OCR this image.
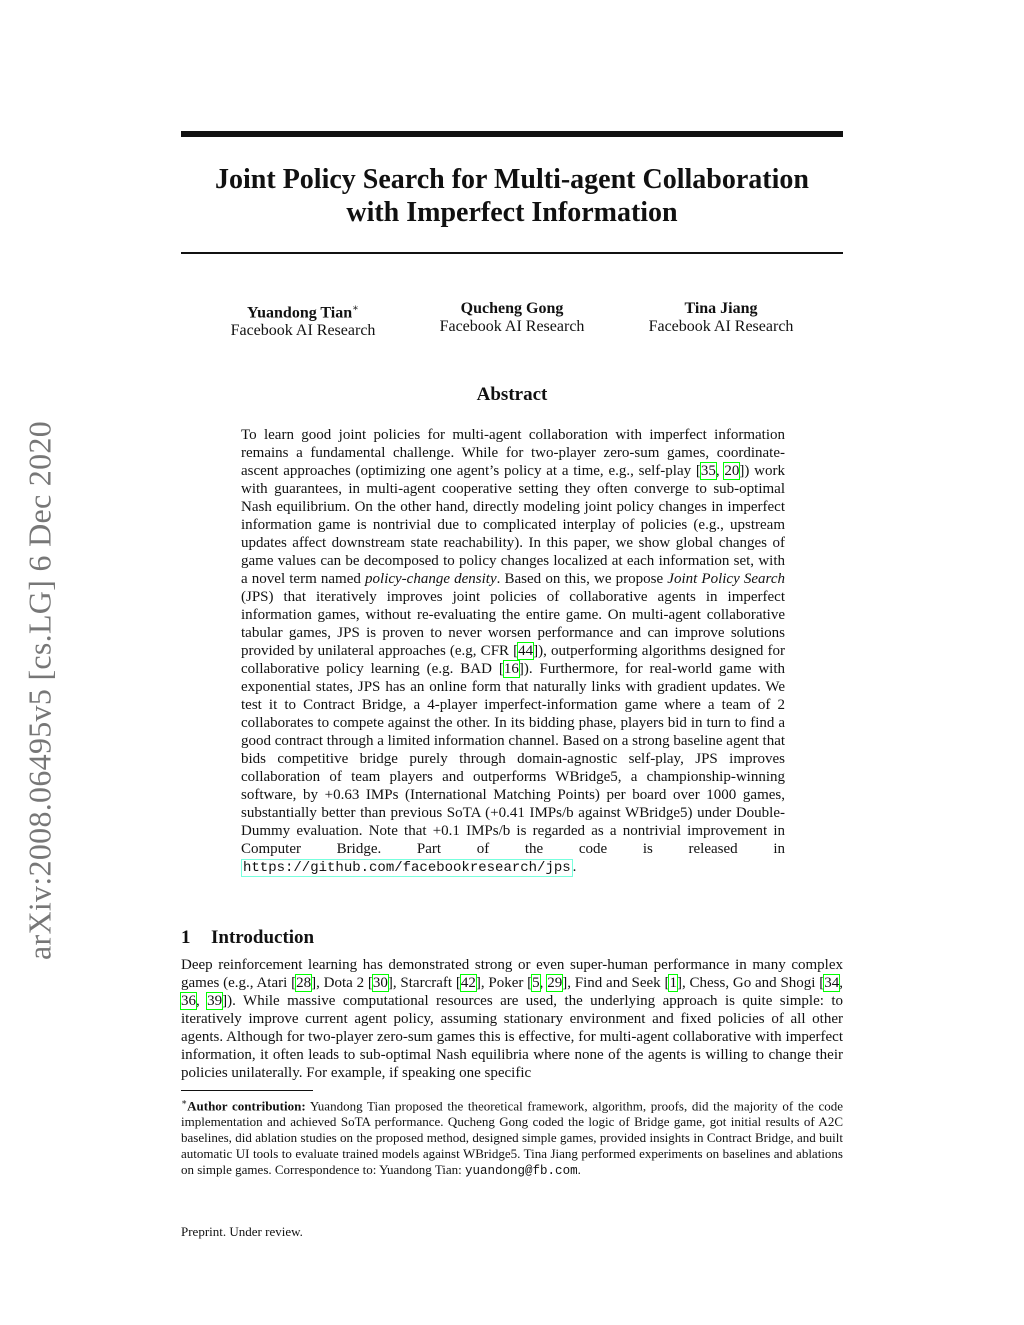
arXiv:2008.06495v5 [cs.LG] 6 Dec 2020
Joint Policy Search for Multi-agent Collaboration
with Imperfect Information
Yuandong Tian∗
Facebook AI Research
Qucheng Gong
Facebook AI Research
Tina Jiang
Facebook AI Research
Abstract

To learn good joint policies for multi-agent collaboration with imperfect information remains a fundamental challenge. While for two-player zero-sum games, coordinate-ascent approaches (optimizing one agent’s policy at a time, e.g., self-play [35, 20]) work with guarantees, in multi-agent cooperative setting they often converge to sub-optimal Nash equilibrium. On the other hand, directly modeling joint policy changes in imperfect information game is nontrivial due to complicated interplay of policies (e.g., upstream updates affect downstream state reachability). In this paper, we show global changes of game values can be decomposed to policy changes localized at each information set, with a novel term named policy-change density. Based on this, we propose Joint Policy Search (JPS) that iteratively improves joint policies of collaborative agents in imperfect information games, without re-evaluating the entire game. On multi-agent collaborative tabular games, JPS is proven to never worsen performance and can improve solutions provided by unilateral approaches (e.g, CFR [44]), outperforming algorithms designed for collaborative policy learning (e.g. BAD [16]). Furthermore, for real-world game with exponential states, JPS has an online form that naturally links with gradient updates. We test it to Contract Bridge, a 4-player imperfect-information game where a team of 2 collaborates to compete against the other. In its bidding phase, players bid in turn to find a good contract through a limited information channel. Based on a strong baseline agent that bids competitive bridge purely through domain-agnostic self-play, JPS improves collaboration of team players and outperforms WBridge5, a championship-winning software, by +0.63 IMPs (International Matching Points) per board over 1000 games, substantially better than previous SoTA (+0.41 IMPs/b against WBridge5) under Double-Dummy evaluation. Note that +0.1 IMPs/b is regarded as a nontrivial improvement in Computer Bridge. Part of the code is released in https://github.com/facebookresearch/jps .

1 Introduction

Deep reinforcement learning has demonstrated strong or even super-human performance in many complex games (e.g., Atari [28], Dota 2 [30], Starcraft [42], Poker [5, 29], Find and Seek [1], Chess, Go and Shogi [34, 36, 39]). While massive computational resources are used, the underlying approach is quite simple: to iteratively improve current agent policy, assuming stationary environment and fixed policies of all other agents. Although for two-player zero-sum games this is effective, for multi-agent collaborative with imperfect information, it often leads to sub-optimal Nash equilibria where none of the agents is willing to change their policies unilaterally. For example, if speaking one specific

∗Author contribution: Yuandong Tian proposed the theoretical framework, algorithm, proofs, did the majority of the code implementation and achieved SoTA performance. Qucheng Gong coded the logic of Bridge game, got initial results of A2C baselines, did ablation studies on the proposed method, designed simple games, provided insights in Contract Bridge, and built automatic UI tools to evaluate trained models against WBridge5. Tina Jiang performed experiments on baselines and ablations on simple games. Correspondence to: Yuandong Tian: yuandong@fb.com.

Preprint. Under review.
